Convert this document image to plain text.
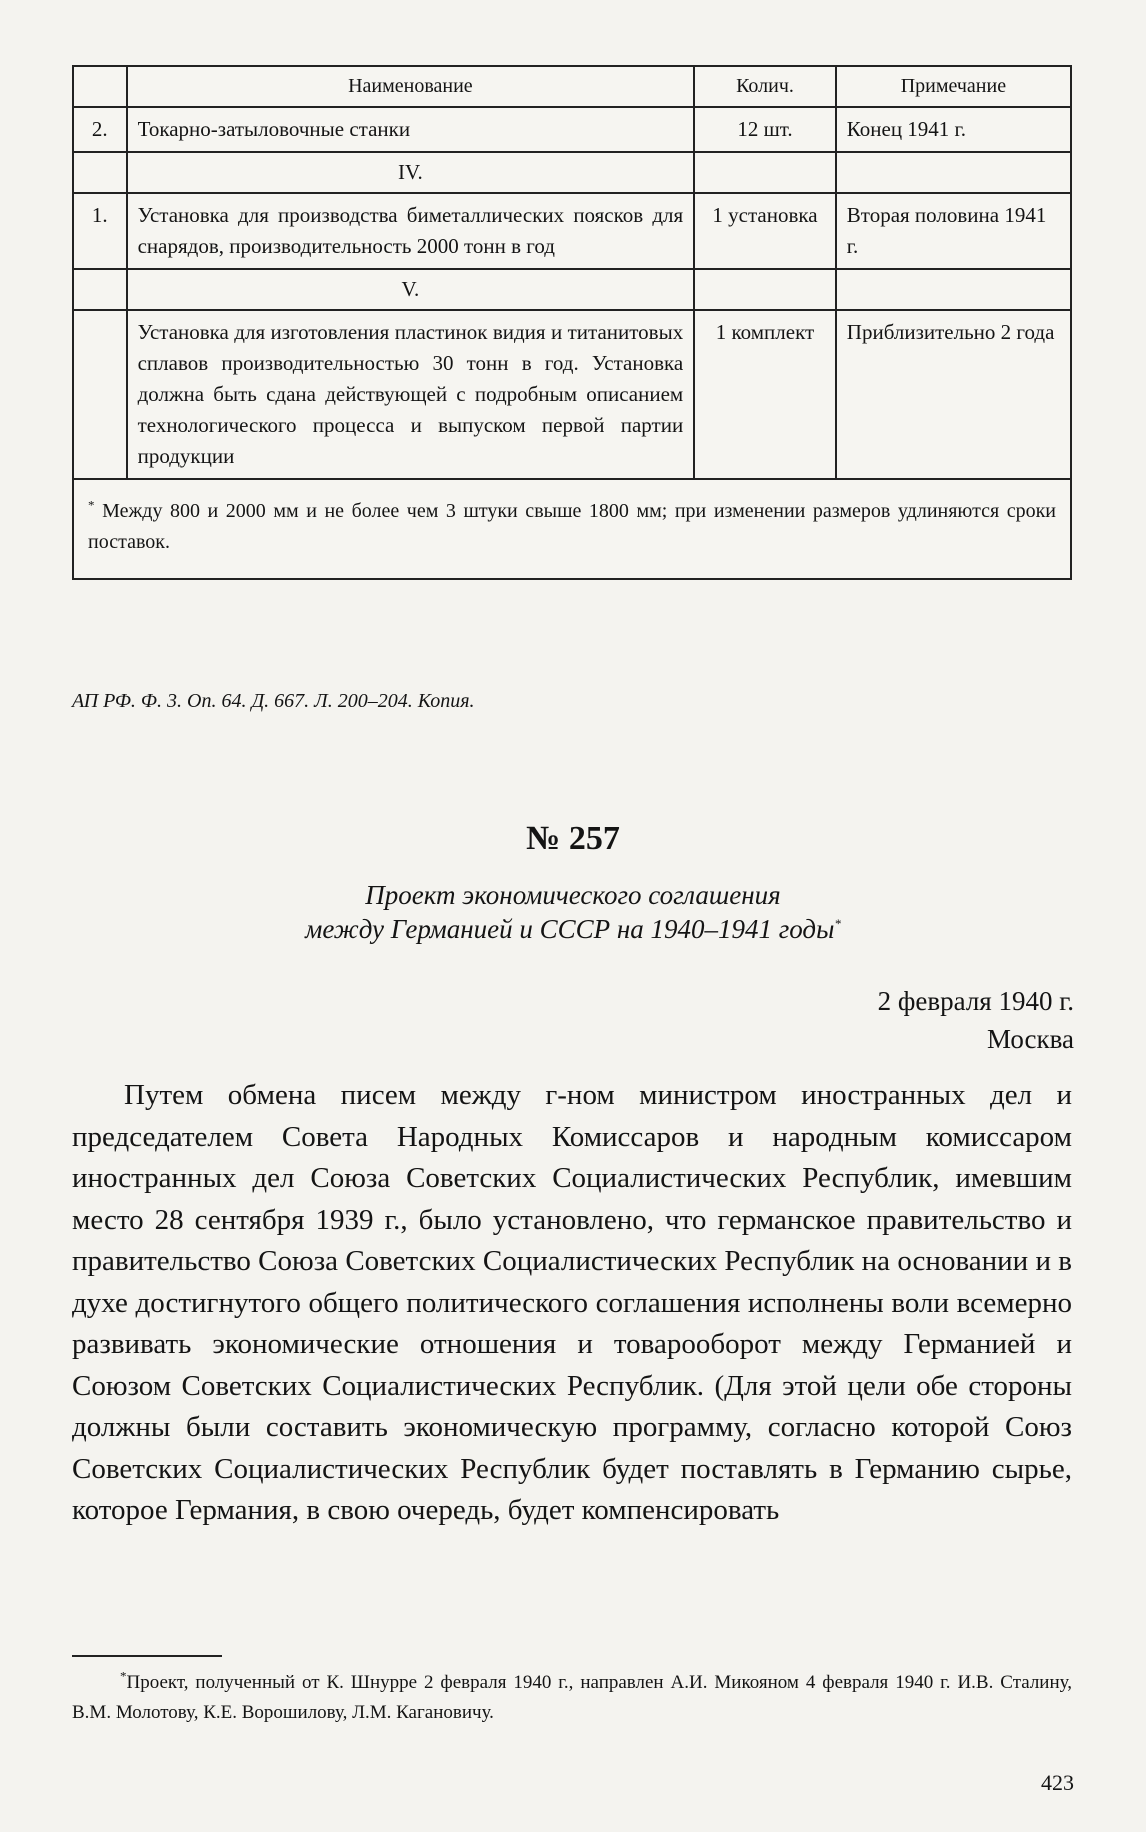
	Наименование	Колич.	Примечание
2.	Токарно-затыловочные станки	12 шт.	Конец 1941 г.
	IV.		
1.	Установка для производства биметаллических поясков для снарядов, производительность 2000 тонн в год	1 установка	Вторая половина 1941 г.
	V.		
	Установка для изготовления пластинок видия и титанитовых сплавов производительностью 30 тонн в год. Установка должна быть сдана действующей с подробным описанием технологического процесса и выпуском первой партии продукции	1 комплект	Приблизительно 2 года
* Между 800 и 2000 мм и не более чем 3 штуки свыше 1800 мм; при изменении размеров удлиняются сроки поставок.			
АП РФ. Ф. 3. Оп. 64. Д. 667. Л. 200–204. Копия.
№ 257
Проект экономического соглашения
между Германией и СССР на 1940–1941 годы*
2 февраля 1940 г.
Москва

Путем обмена писем между г-ном министром иностранных дел и председателем Совета Народных Комиссаров и народным комиссаром иностранных дел Союза Советских Социалистических Республик, имевшим место 28 сентября 1939 г., было установлено, что германское правительство и правительство Союза Советских Социалистических Республик на основании и в духе достигнутого общего политического соглашения исполнены воли всемерно развивать экономические отношения и товарооборот между Германией и Союзом Советских Социалистических Республик. (Для этой цели обе стороны должны были составить экономическую программу, согласно которой Союз Советских Социалистических Республик будет поставлять в Германию сырье, которое Германия, в свою очередь, будет компенсировать

*Проект, полученный от К. Шнурре 2 февраля 1940 г., направлен А.И. Микояном 4 февраля 1940 г. И.В. Сталину, В.М. Молотову, К.Е. Ворошилову, Л.М. Кагановичу.

423
